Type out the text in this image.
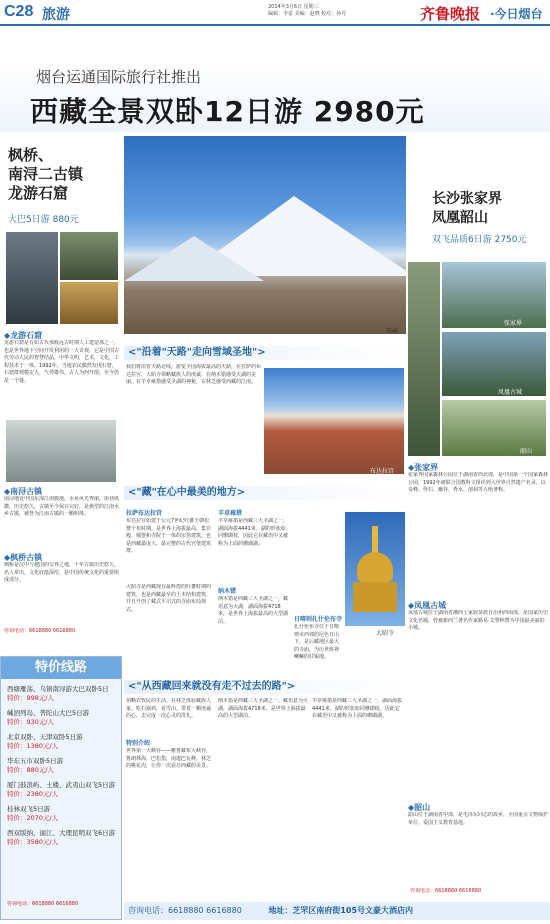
C28 旅游	2014年3月6日 星期三
编辑：李雷 美编：赵晓 校对：孙丹	齐鲁晚报 ·今日烟台
烟台运通国际旅行社推出
西藏全景双卧12日游 2980元
枫桥、
南浔二古镇
龙游石窟
大巴5日游 880元
◆龙游石窟
龙游石窟是有如古代那般远古时期人工建造那之一，也是世界地下空间开发利用的一大奇观，它是中国古代劳动人民的智慧结晶，中华文明，艺术，文化，工程技术于一体。1992年，当地农民偶然发现石窟，石窟群规模宏大，气势雄伟，古人为何开凿，至今仍是一个谜。
◆南浔古镇
南浔地处中国东部江南腹地，水乡风光秀丽，街巷纵横，历史悠久，古镇至今保存完好，是典型的江南水乡古镇，被誉为江南古镇的一颗明珠。
◆枫桥古镇
枫桥是汉中与越国的交界之地，千年古镇历史悠久，名人辈出，文化底蕴深厚，是中国传统文化的重要组成部分。
咨询电话：6618880 6616880
特价线路
西塘雁荡、乌镇南浔游大巴双卧5日
特价：998元/人
嵊泗列岛、普陀山大巴5日游
特价：930元/人
北京双卧、天津双卧5日游
特价：1380元/人
华东五市双卧5日游
特价：880元/人
厦门鼓浪屿、土楼、武夷山双飞5日游
特价：2380元/人
桂林双飞5日游
特价：2070元/人
西双版纳、丽江、大理昆明双飞6日游
特价：3580元/人
咨询电话：6618880 6616880
珠峰
长沙张家界
凤凰韶山
双飞品质6日游 2750元
张家界
凤凰古城
韶山
◆张家界
张家界国家森林公园位于湖南省西北部，是中国第一个国家森林公园，1992年被联合国教科文组织列入世界自然遗产名录，以奇峰、怪石、幽谷、秀水、溶洞等五绝著称。
◆凤凰古城
凤凰古城位于湖南省湘西土家族苗族自治州西南部，是国家历史文化名城，曾被新西兰著名作家路易·艾黎称赞为中国最美丽的小城。
◆韶山
韶山位于湖南省中部，是毛泽东同志的故乡，全国重点文物保护单位，爱国主义教育基地。
咨询电话：6618880 6616880
<"沿着"天路"走向雪域圣地">
我们将沿着天路北线，游览全国海拔最高的天路，在拉萨的布达拉宫、大昭寺领略藏族人的虔诚，在纳木错感受天湖的美丽，在羊卓雍措感受圣湖的神秘，在林芝感受西藏的江南。
布达拉宫
<"藏"在心中最美的地方>
拉萨布达拉宫
布达拉宫始建于公元7世纪吐蕃王朝松赞干布时期，是世界上海拔最高，集宫殿、城堡和寺院于一体的宏伟建筑，也是西藏最庞大、最完整的古代宫堡建筑群。
大昭寺是西藏现存最辉煌的吐蕃时期的建筑，也是西藏最早的土木结构建筑，并且开创了藏式平川式的寺庙布局规式。
羊卓雍措
羊卓雍措是西藏三大圣湖之一，湖面海拔4441米，湖的形状如同珊瑚枝，因此它在藏语中又被称为上面的珊瑚湖。
纳木错
纳木错是西藏三大圣湖之一，藏语意为天湖，湖面海拔4718米，是世界上海拔最高的大型湖泊。	日喀则扎什伦布寺
扎什伦布寺位于日喀则市西郊的尼色日山下，是后藏地区最大的寺庙，为历世班禅喇嘛的驻锡地。
大昭寺
<"从西藏回来就没有走不过去的路">
领略农牧民的生活，在林芝体验藏族人家，吃石锅鸡，看雪山。带着一颗虔诚的心，去完成一次心灵的洗礼。
特别介绍
世界第一大峡谷——雅鲁藏布大峡谷，鲁朗林海，巴松措，南迦巴瓦峰，林芝的桃花沟，让你一次看尽西藏的美景。
纳木错是西藏三大圣湖之一，藏语意为天湖，湖面海拔4718米，是世界上海拔最高的大型湖泊。
羊卓雍措是西藏三大圣湖之一，湖面海拔4441米，湖的形状如同珊瑚枝，因此它在藏语中又被称为上面的珊瑚湖。
咨询电话：6618880 6616880	地址：芝罘区南府街105号文豪大酒店内
